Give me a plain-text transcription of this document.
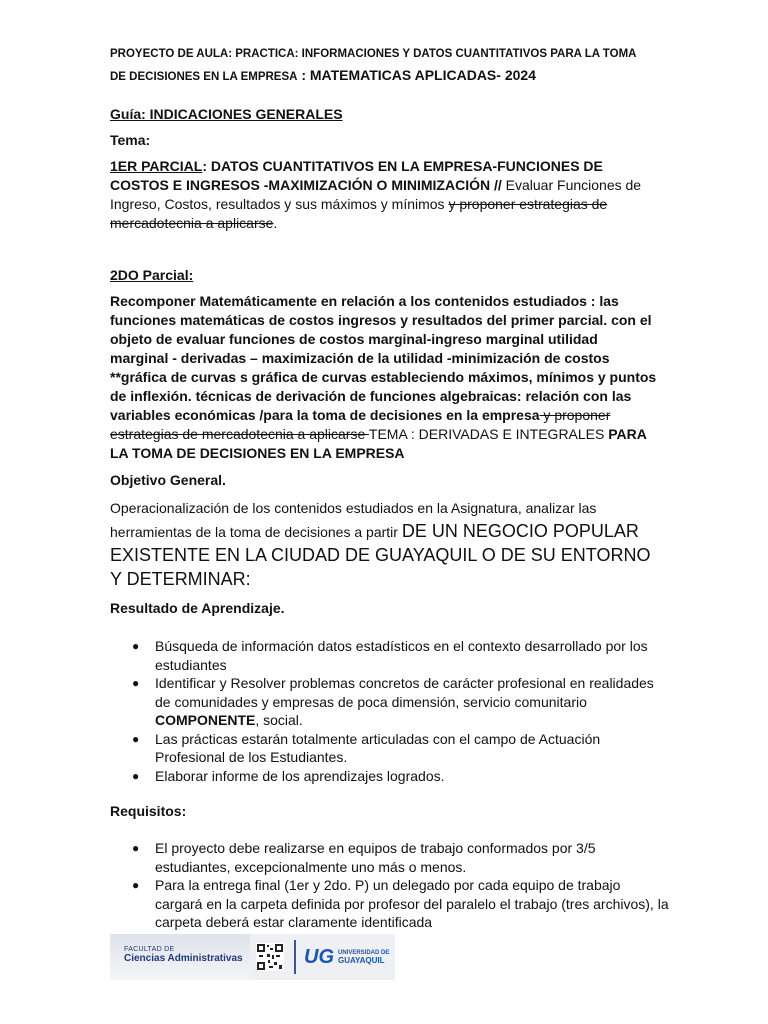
PROYECTO DE AULA: PRACTICA: INFORMACIONES Y DATOS CUANTITATIVOS PARA LA TOMA
DE DECISIONES EN LA EMPRESA : MATEMATICAS APLICADAS- 2024
Guía: INDICACIONES GENERALES
Tema:
1ER PARCIAL: DATOS CUANTITATIVOS EN LA EMPRESA-FUNCIONES DE COSTOS E INGRESOS -MAXIMIZACIÓN O MINIMIZACIÓN // Evaluar Funciones de Ingreso, Costos, resultados y sus máximos y mínimos y proponer estrategias de mercadotecnia a aplicarse.
2DO Parcial:
Recomponer Matemáticamente en relación a los contenidos estudiados : las funciones matemáticas de costos ingresos y resultados del primer parcial. con el objeto de evaluar funciones de costos marginal-ingreso marginal utilidad marginal - derivadas – maximización de la utilidad -minimización de costos **gráfica de curvas s gráfica de curvas estableciendo máximos, mínimos y puntos de inflexión. técnicas de derivación de funciones algebraicas: relación con las variables económicas /para la toma de decisiones en la empresa y proponer estrategias de mercadotecnia a aplicarse TEMA : DERIVADAS E INTEGRALES PARA LA TOMA DE DECISIONES EN LA EMPRESA
Objetivo General.
Operacionalización de los contenidos estudiados en la Asignatura, analizar las herramientas de la toma de decisiones a partir DE UN NEGOCIO POPULAR EXISTENTE EN LA CIUDAD DE GUAYAQUIL O DE SU ENTORNO Y DETERMINAR:
Resultado de Aprendizaje.
● Búsqueda de información datos estadísticos en el contexto desarrollado por los estudiantes
● Identificar y Resolver problemas concretos de carácter profesional en realidades de comunidades y empresas de poca dimensión, servicio comunitario COMPONENTE, social.
● Las prácticas estarán totalmente articuladas con el campo de Actuación Profesional de los Estudiantes.
● Elaborar informe de los aprendizajes logrados.
Requisitos:
● El proyecto debe realizarse en equipos de trabajo conformados por 3/5 estudiantes, excepcionalmente uno más o menos.
● Para la entrega final (1er y 2do. P) un delegado por cada equipo de trabajo cargará en la carpeta definida por profesor del paralelo el trabajo (tres archivos), la carpeta deberá estar claramente identificada
FACULTAD DE
Ciencias Administrativas	UG UNIVERSIDAD DE
GUAYAQUIL
